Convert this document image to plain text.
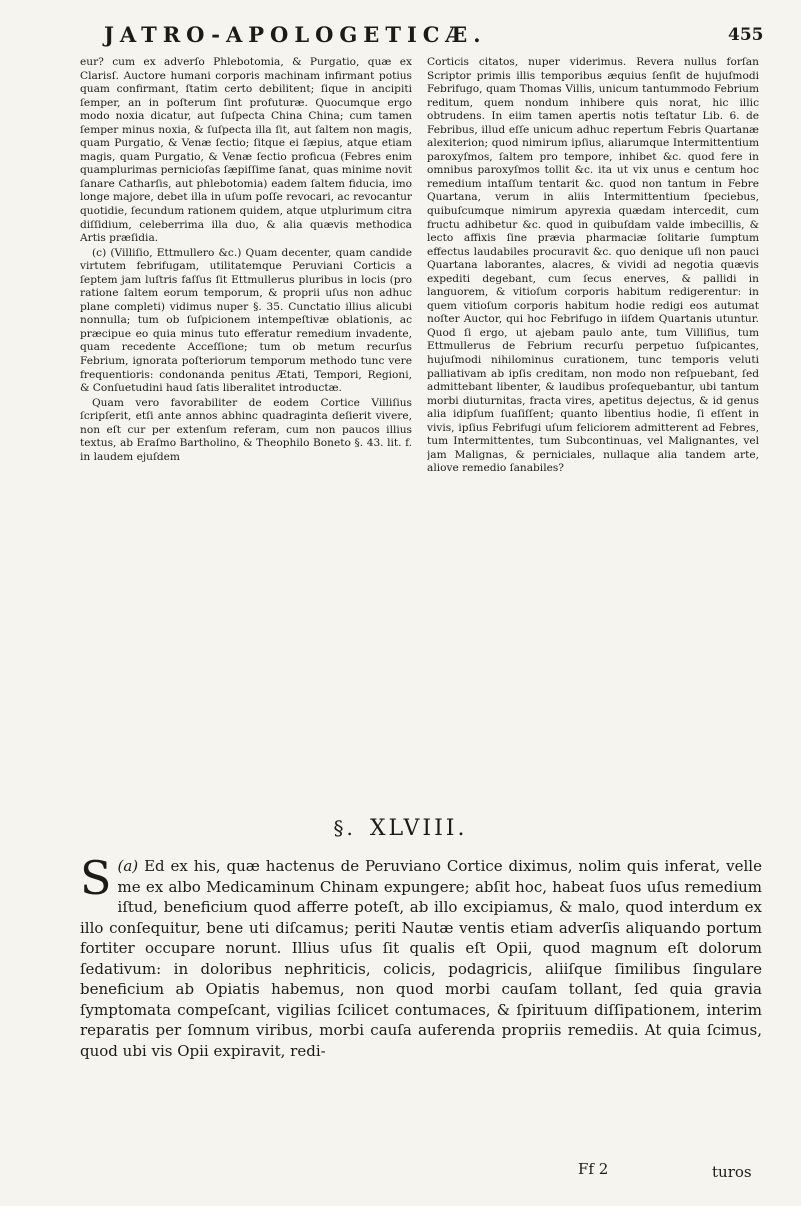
JATRO-APOLOGETICÆ.	455

eur? cum ex adverſo Phlebotomia, & Purgatio, quæ ex Clarisſ. Auctore humani corporis machinam infirmant potius quam confirmant, ſtatim certo debilitent; ſique in ancipiti ſemper, an in poſterum ſint profuturæ. Quocumque ergo modo noxia dicatur, aut ſuſpecta China China; cum tamen ſemper minus noxia, & ſuſpecta illa ſit, aut ſaltem non magis, quam Purgatio, & Venæ ſectio; ſitque ei ſæpius, atque etiam magis, quam Purgatio, & Venæ ſectio proficua (Febres enim quamplurimas pernicioſas ſæpiſſime ſanat, quas minime novit ſanare Catharſis, aut phlebotomia) eadem ſaltem fiducia, imo longe majore, debet illa in uſum poſſe revocari, ac revocantur quotidie, ſecundum rationem quidem, atque utplurimum citra diſſidium, celeberrima illa duo, & alia quævis methodica Artis præſidia.

(c) (Villiſio, Ettmullero &c.) Quam decenter, quam candide virtutem febrifugam, utilitatemque Peruviani Corticis a ſeptem jam luſtris faſſus ſit Ettmullerus pluribus in locis (pro ratione ſaltem eorum temporum, & proprii uſus non adhuc plane completi) vidimus nuper §. 35. Cunctatio illius alicubi nonnulla; tum ob ſuſpicionem intempeſtivæ oblationis, ac præcipue eo quia minus tuto efferatur remedium invadente, quam recedente Acceſſione; tum ob metum recurſus Febrium, ignorata poſteriorum temporum methodo tunc vere frequentioris: condonanda penitus Ætati, Tempori, Regioni, & Conſuetudini haud ſatis liberalitet introductæ.

Quam vero favorabiliter de eodem Cortice Villiſius ſcripſerit, etſi ante annos abhinc quadraginta deſierit vivere, non eſt cur per extenſum referam, cum non paucos illius textus, ab Eraſmo Bartholino, & Theophilo Boneto §. 43. lit. f. in laudem ejuſdem

Corticis citatos, nuper viderimus. Revera nullus forſan Scriptor primis illis temporibus æquius ſenſit de hujuſmodi Febrifugo, quam Thomas Villis, unicum tantummodo Febrium reditum, quem nondum inhibere quis norat, hic illic obtrudens. In eiim tamen apertis notis teſtatur Lib. 6. de Febribus, illud eſſe unicum adhuc repertum Febris Quartanæ alexiterion; quod nimirum ipſius, aliarumque Intermittentium paroxyſmos, ſaltem pro tempore, inhibet &c. quod fere in omnibus paroxyſmos tollit &c. ita ut vix unus e centum hoc remedium intaſſum tentarit &c. quod non tantum in Febre Quartana, verum in aliis Intermittentium ſpeciebus, quibuſcumque nimirum apyrexia quædam intercedit, cum fructu adhibetur &c. quod in quibuſdam valde imbecillis, & lecto affixis ſine prævia pharmaciæ ſolitarie ſumptum effectus laudabiles procuravit &c. quo denique uſi non pauci Quartana laborantes, alacres, & vividi ad negotia quævis expediti degebant, cum ſecus enerves, & pallidi in languorem, & vitioſum corporis habitum redigerentur: in quem vitioſum corporis habitum hodie redigi eos autumat noſter Auctor, qui hoc Febrifugo in iiſdem Quartanis utuntur. Quod ſi ergo, ut ajebam paulo ante, tum Villiſius, tum Ettmullerus de Febrium recurſu perpetuo ſuſpicantes, hujuſmodi nihilominus curationem, tunc temporis veluti palliativam ab ipſis creditam, non modo non reſpuebant, ſed admittebant libenter, & laudibus proſequebantur, ubi tantum morbi diuturnitas, fracta vires, apetitus dejectus, & id genus alia idipſum ſuaſiſſent; quanto libentius hodie, ſi eſſent in vivis, ipſius Febrifugi uſum feliciorem admitterent ad Febres, tum Intermittentes, tum Subcontinuas, vel Malignantes, vel jam Malignas, & perniciales, nullaque alia tandem arte, aliove remedio ſanabiles?

§. XLVIII.
(a)
S Ed ex his, quæ hactenus de Peruviano Cortice diximus, nolim quis inferat, velle me ex albo Medicaminum Chinam expungere; abſit hoc, habeat ſuos uſus remedium iſtud, beneficium quod afferre poteſt, ab illo excipiamus, & malo, quod interdum ex illo conſequitur, bene uti diſcamus; periti Nautæ ventis etiam adverſis aliquando portum fortiter occupare norunt. Illius uſus ſit qualis eſt Opii, quod magnum eſt dolorum ſedativum: in doloribus nephriticis, colicis, podagricis, aliiſque ſimilibus ſingulare beneficium ab Opiatis habemus, non quod morbi cauſam tollant, ſed quia gravia ſymptomata compeſcant, vigilias ſcilicet contumaces, & ſpirituum diſſipationem, interim reparatis per ſomnum viribus, morbi cauſa auferenda propriis remediis. At quia ſcimus, quod ubi vis Opii expiravit, redi-
Ff 2	turos
